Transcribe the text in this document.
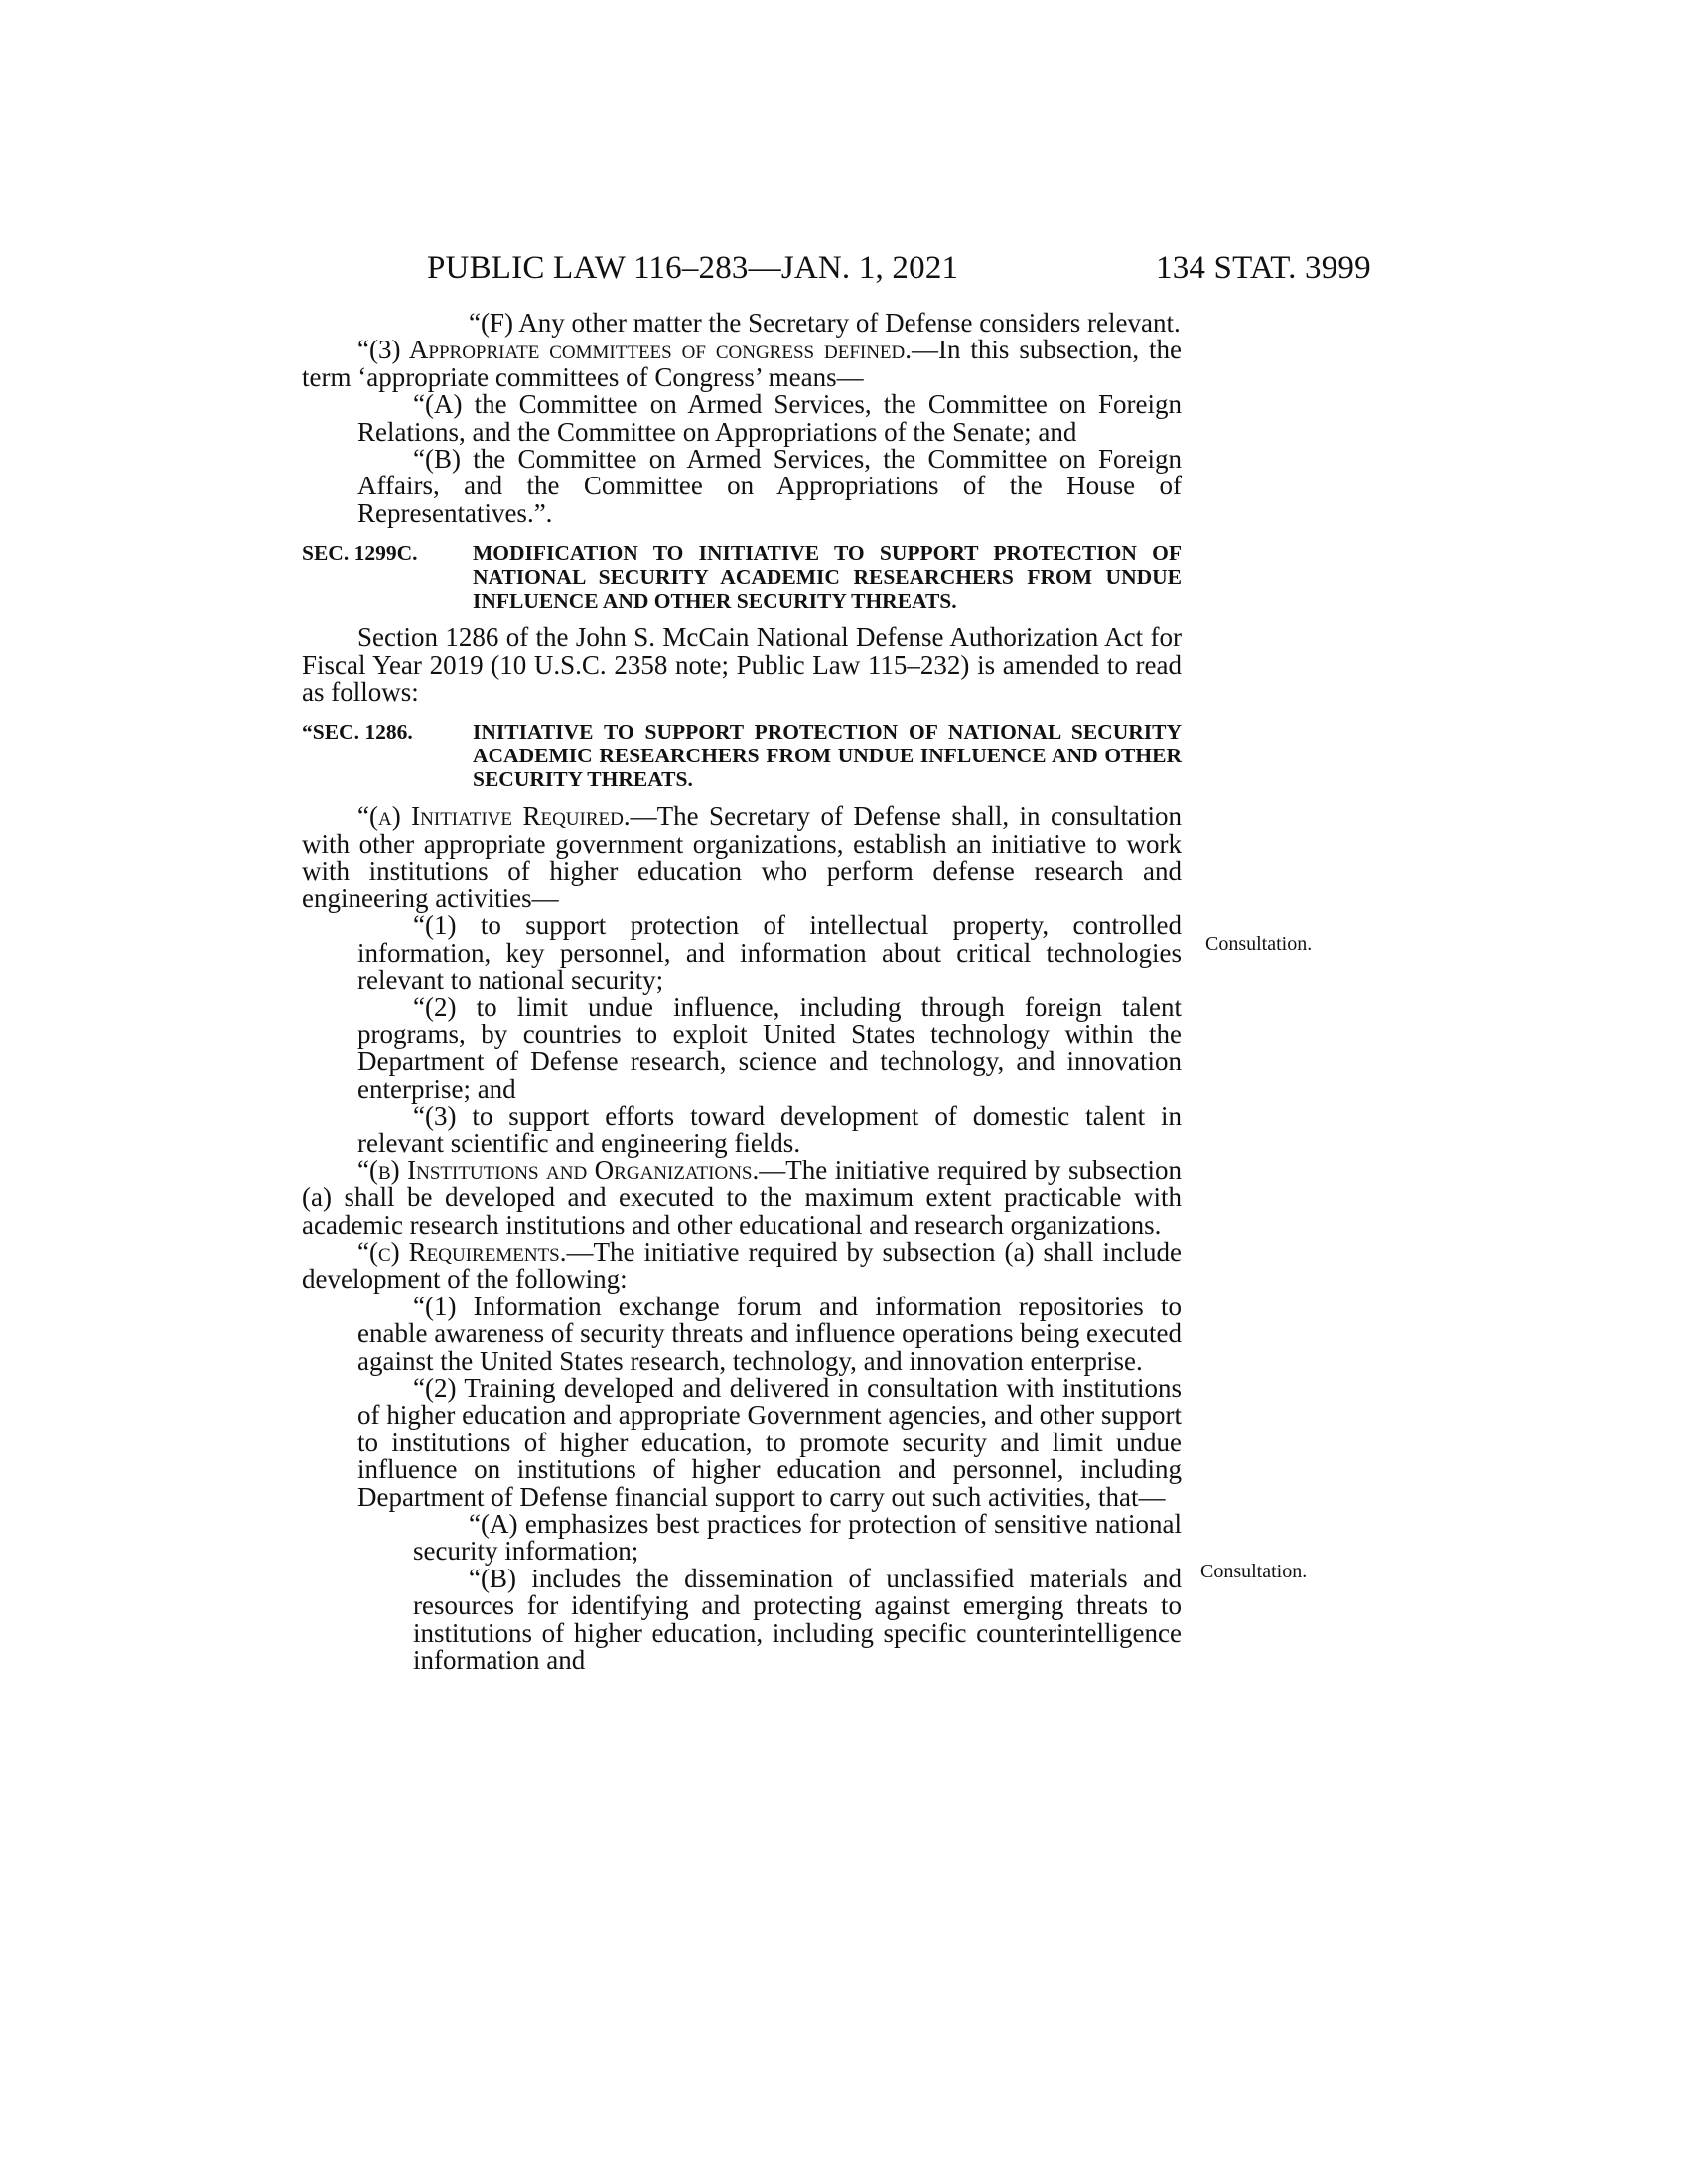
PUBLIC LAW 116–283—JAN. 1, 2021	134 STAT. 3999

“(F) Any other matter the Secretary of Defense considers relevant.

“(3) Appropriate committees of congress defined.—In this subsection, the term ‘appropriate committees of Congress’ means—

“(A) the Committee on Armed Services, the Committee on Foreign Relations, and the Committee on Appropriations of the Senate; and

“(B) the Committee on Armed Services, the Committee on Foreign Affairs, and the Committee on Appropriations of the House of Representatives.”.

SEC. 1299C.	MODIFICATION TO INITIATIVE TO SUPPORT PROTECTION OF NATIONAL SECURITY ACADEMIC RESEARCHERS FROM UNDUE INFLUENCE AND OTHER SECURITY THREATS.

Section 1286 of the John S. McCain National Defense Authorization Act for Fiscal Year 2019 (10 U.S.C. 2358 note; Public Law 115–232) is amended to read as follows:

“SEC. 1286.	INITIATIVE TO SUPPORT PROTECTION OF NATIONAL SECURITY ACADEMIC RESEARCHERS FROM UNDUE INFLUENCE AND OTHER SECURITY THREATS.

“(a) Initiative Required.—The Secretary of Defense shall, in consultation with other appropriate government organizations, establish an initiative to work with institutions of higher education who perform defense research and engineering activities—

“(1) to support protection of intellectual property, controlled information, key personnel, and information about critical technologies relevant to national security;

“(2) to limit undue influence, including through foreign talent programs, by countries to exploit United States technology within the Department of Defense research, science and technology, and innovation enterprise; and

“(3) to support efforts toward development of domestic talent in relevant scientific and engineering fields.

“(b) Institutions and Organizations.—The initiative required by subsection (a) shall be developed and executed to the maximum extent practicable with academic research institutions and other educational and research organizations.

“(c) Requirements.—The initiative required by subsection (a) shall include development of the following:

“(1) Information exchange forum and information repositories to enable awareness of security threats and influence operations being executed against the United States research, technology, and innovation enterprise.

“(2) Training developed and delivered in consultation with institutions of higher education and appropriate Government agencies, and other support to institutions of higher education, to promote security and limit undue influence on institutions of higher education and personnel, including Department of Defense financial support to carry out such activities, that—

“(A) emphasizes best practices for protection of sensitive national security information;

“(B) includes the dissemination of unclassified materials and resources for identifying and protecting against emerging threats to institutions of higher education, including specific counterintelligence information and

Consultation.
Consultation.
